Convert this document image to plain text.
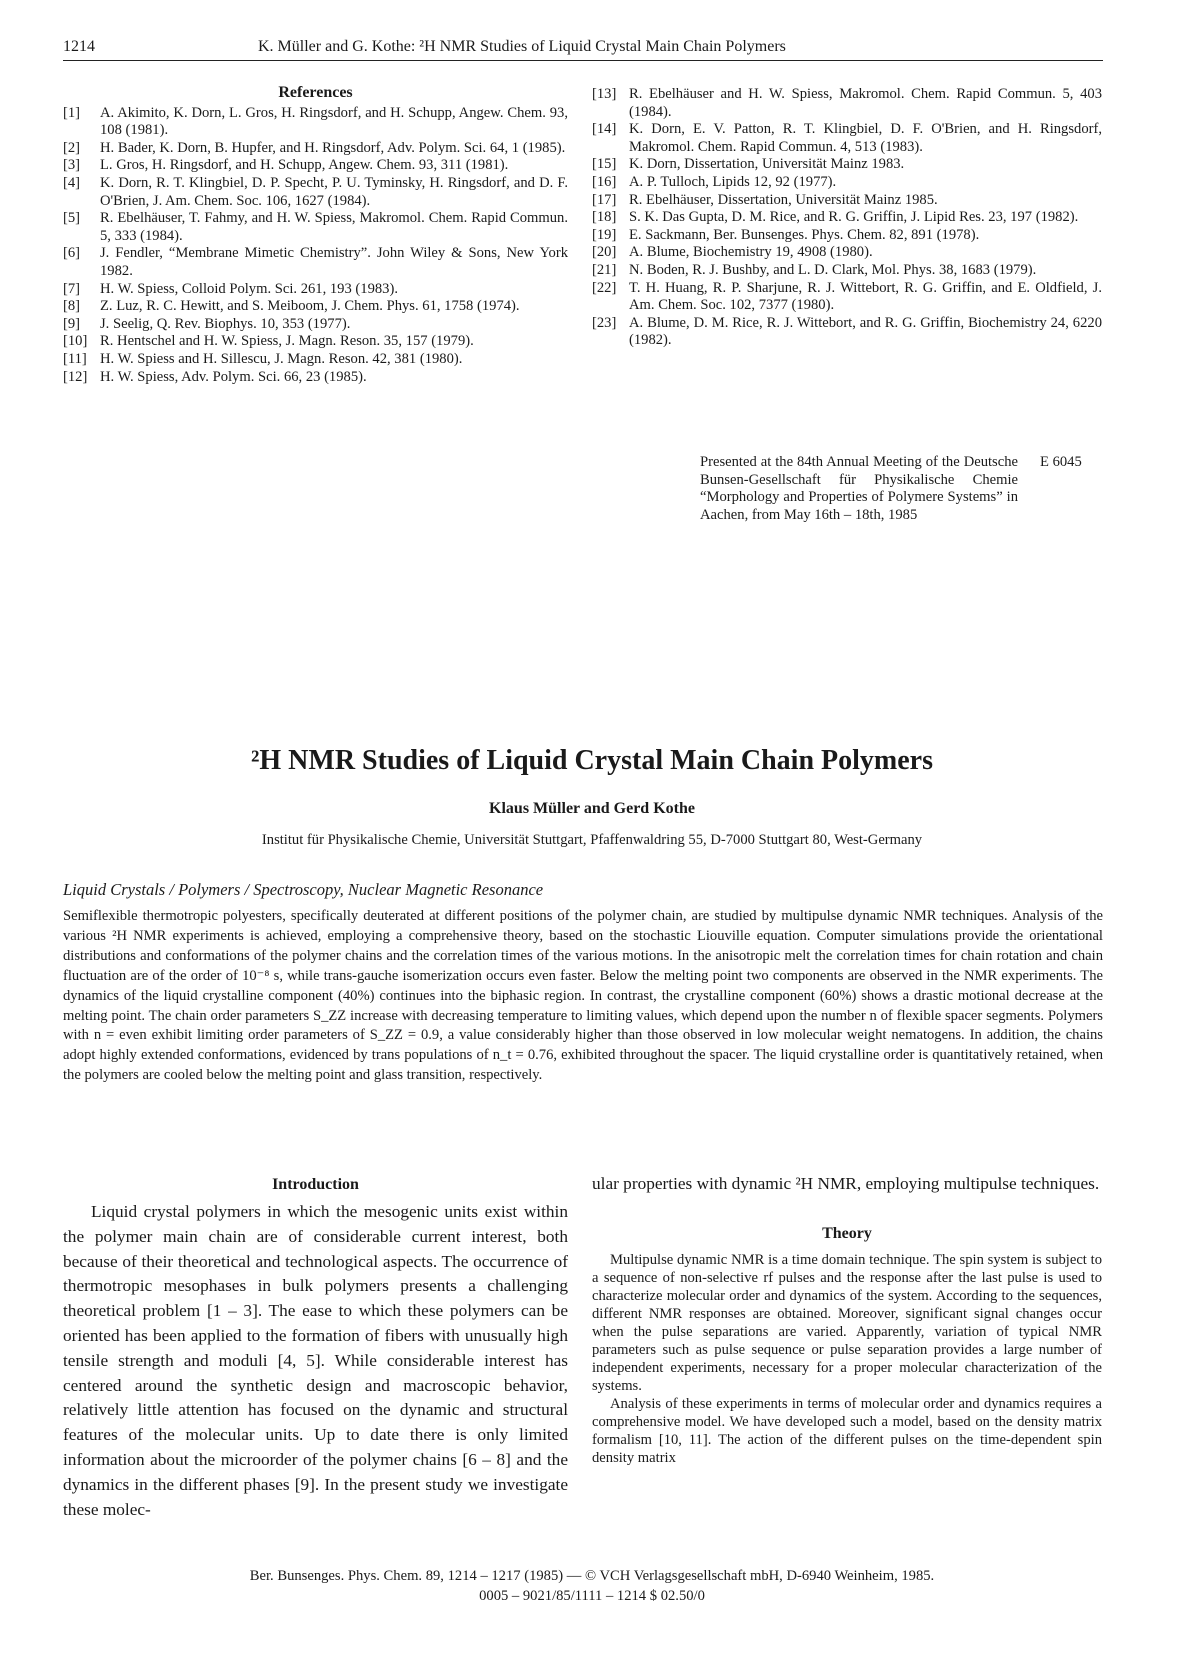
1214	K. Müller and G. Kothe: ²H NMR Studies of Liquid Crystal Main Chain Polymers
References
[1]	A. Akimito, K. Dorn, L. Gros, H. Ringsdorf, and H. Schupp, Angew. Chem. 93, 108 (1981).
[2]	H. Bader, K. Dorn, B. Hupfer, and H. Ringsdorf, Adv. Polym. Sci. 64, 1 (1985).
[3]	L. Gros, H. Ringsdorf, and H. Schupp, Angew. Chem. 93, 311 (1981).
[4]	K. Dorn, R. T. Klingbiel, D. P. Specht, P. U. Tyminsky, H. Ringsdorf, and D. F. O'Brien, J. Am. Chem. Soc. 106, 1627 (1984).
[5]	R. Ebelhäuser, T. Fahmy, and H. W. Spiess, Makromol. Chem. Rapid Commun. 5, 333 (1984).
[6]	J. Fendler, “Membrane Mimetic Chemistry”. John Wiley & Sons, New York 1982.
[7]	H. W. Spiess, Colloid Polym. Sci. 261, 193 (1983).
[8]	Z. Luz, R. C. Hewitt, and S. Meiboom, J. Chem. Phys. 61, 1758 (1974).
[9]	J. Seelig, Q. Rev. Biophys. 10, 353 (1977).
[10] R. Hentschel and H. W. Spiess, J. Magn. Reson. 35, 157 (1979).
[11] H. W. Spiess and H. Sillescu, J. Magn. Reson. 42, 381 (1980).
[12] H. W. Spiess, Adv. Polym. Sci. 66, 23 (1985).
[13] R. Ebelhäuser and H. W. Spiess, Makromol. Chem. Rapid Commun. 5, 403 (1984).
[14] K. Dorn, E. V. Patton, R. T. Klingbiel, D. F. O'Brien, and H. Ringsdorf, Makromol. Chem. Rapid Commun. 4, 513 (1983).
[15] K. Dorn, Dissertation, Universität Mainz 1983.
[16] A. P. Tulloch, Lipids 12, 92 (1977).
[17] R. Ebelhäuser, Dissertation, Universität Mainz 1985.
[18] S. K. Das Gupta, D. M. Rice, and R. G. Griffin, J. Lipid Res. 23, 197 (1982).
[19] E. Sackmann, Ber. Bunsenges. Phys. Chem. 82, 891 (1978).
[20] A. Blume, Biochemistry 19, 4908 (1980).
[21] N. Boden, R. J. Bushby, and L. D. Clark, Mol. Phys. 38, 1683 (1979).
[22] T. H. Huang, R. P. Sharjune, R. J. Wittebort, R. G. Griffin, and E. Oldfield, J. Am. Chem. Soc. 102, 7377 (1980).
[23] A. Blume, D. M. Rice, R. J. Wittebort, and R. G. Griffin, Biochemistry 24, 6220 (1982).
Presented at the 84th Annual Meeting of the Deutsche Bunsen-Gesellschaft für Physikalische Chemie “Morphology and Properties of Polymere Systems” in Aachen, from May 16th – 18th, 1985
E 6045
²H NMR Studies of Liquid Crystal Main Chain Polymers
Klaus Müller and Gerd Kothe
Institut für Physikalische Chemie, Universität Stuttgart, Pfaffenwaldring 55, D-7000 Stuttgart 80, West-Germany
Liquid Crystals / Polymers / Spectroscopy, Nuclear Magnetic Resonance
Semiflexible thermotropic polyesters, specifically deuterated at different positions of the polymer chain, are studied by multipulse dynamic NMR techniques. Analysis of the various ²H NMR experiments is achieved, employing a comprehensive theory, based on the stochastic Liouville equation. Computer simulations provide the orientational distributions and conformations of the polymer chains and the correlation times of the various motions. In the anisotropic melt the correlation times for chain rotation and chain fluctuation are of the order of 10⁻⁸ s, while trans-gauche isomerization occurs even faster. Below the melting point two components are observed in the NMR experiments. The dynamics of the liquid crystalline component (40%) continues into the biphasic region. In contrast, the crystalline component (60%) shows a drastic motional decrease at the melting point. The chain order parameters S_ZZ increase with decreasing temperature to limiting values, which depend upon the number n of flexible spacer segments. Polymers with n = even exhibit limiting order parameters of S_ZZ = 0.9, a value considerably higher than those observed in low molecular weight nematogens. In addition, the chains adopt highly extended conformations, evidenced by trans populations of n_t = 0.76, exhibited throughout the spacer. The liquid crystalline order is quantitatively retained, when the polymers are cooled below the melting point and glass transition, respectively.
Introduction

Liquid crystal polymers in which the mesogenic units exist within the polymer main chain are of considerable current interest, both because of their theoretical and technological aspects. The occurrence of thermotropic mesophases in bulk polymers presents a challenging theoretical problem [1 – 3]. The ease to which these polymers can be oriented has been applied to the formation of fibers with unusually high tensile strength and moduli [4, 5]. While considerable interest has centered around the synthetic design and macroscopic behavior, relatively little attention has focused on the dynamic and structural features of the molecular units. Up to date there is only limited information about the microorder of the polymer chains [6 – 8] and the dynamics in the different phases [9]. In the present study we investigate these molec-

ular properties with dynamic ²H NMR, employing multipulse techniques.

Theory

Multipulse dynamic NMR is a time domain technique. The spin system is subject to a sequence of non-selective rf pulses and the response after the last pulse is used to characterize molecular order and dynamics of the system. According to the sequences, different NMR responses are obtained. Moreover, significant signal changes occur when the pulse separations are varied. Apparently, variation of typical NMR parameters such as pulse sequence or pulse separation provides a large number of independent experiments, necessary for a proper molecular characterization of the systems.

Analysis of these experiments in terms of molecular order and dynamics requires a comprehensive model. We have developed such a model, based on the density matrix formalism [10, 11]. The action of the different pulses on the time-dependent spin density matrix

Ber. Bunsenges. Phys. Chem. 89, 1214 – 1217 (1985) — © VCH Verlagsgesellschaft mbH, D-6940 Weinheim, 1985.
0005 – 9021/85/1111 – 1214 $ 02.50/0
